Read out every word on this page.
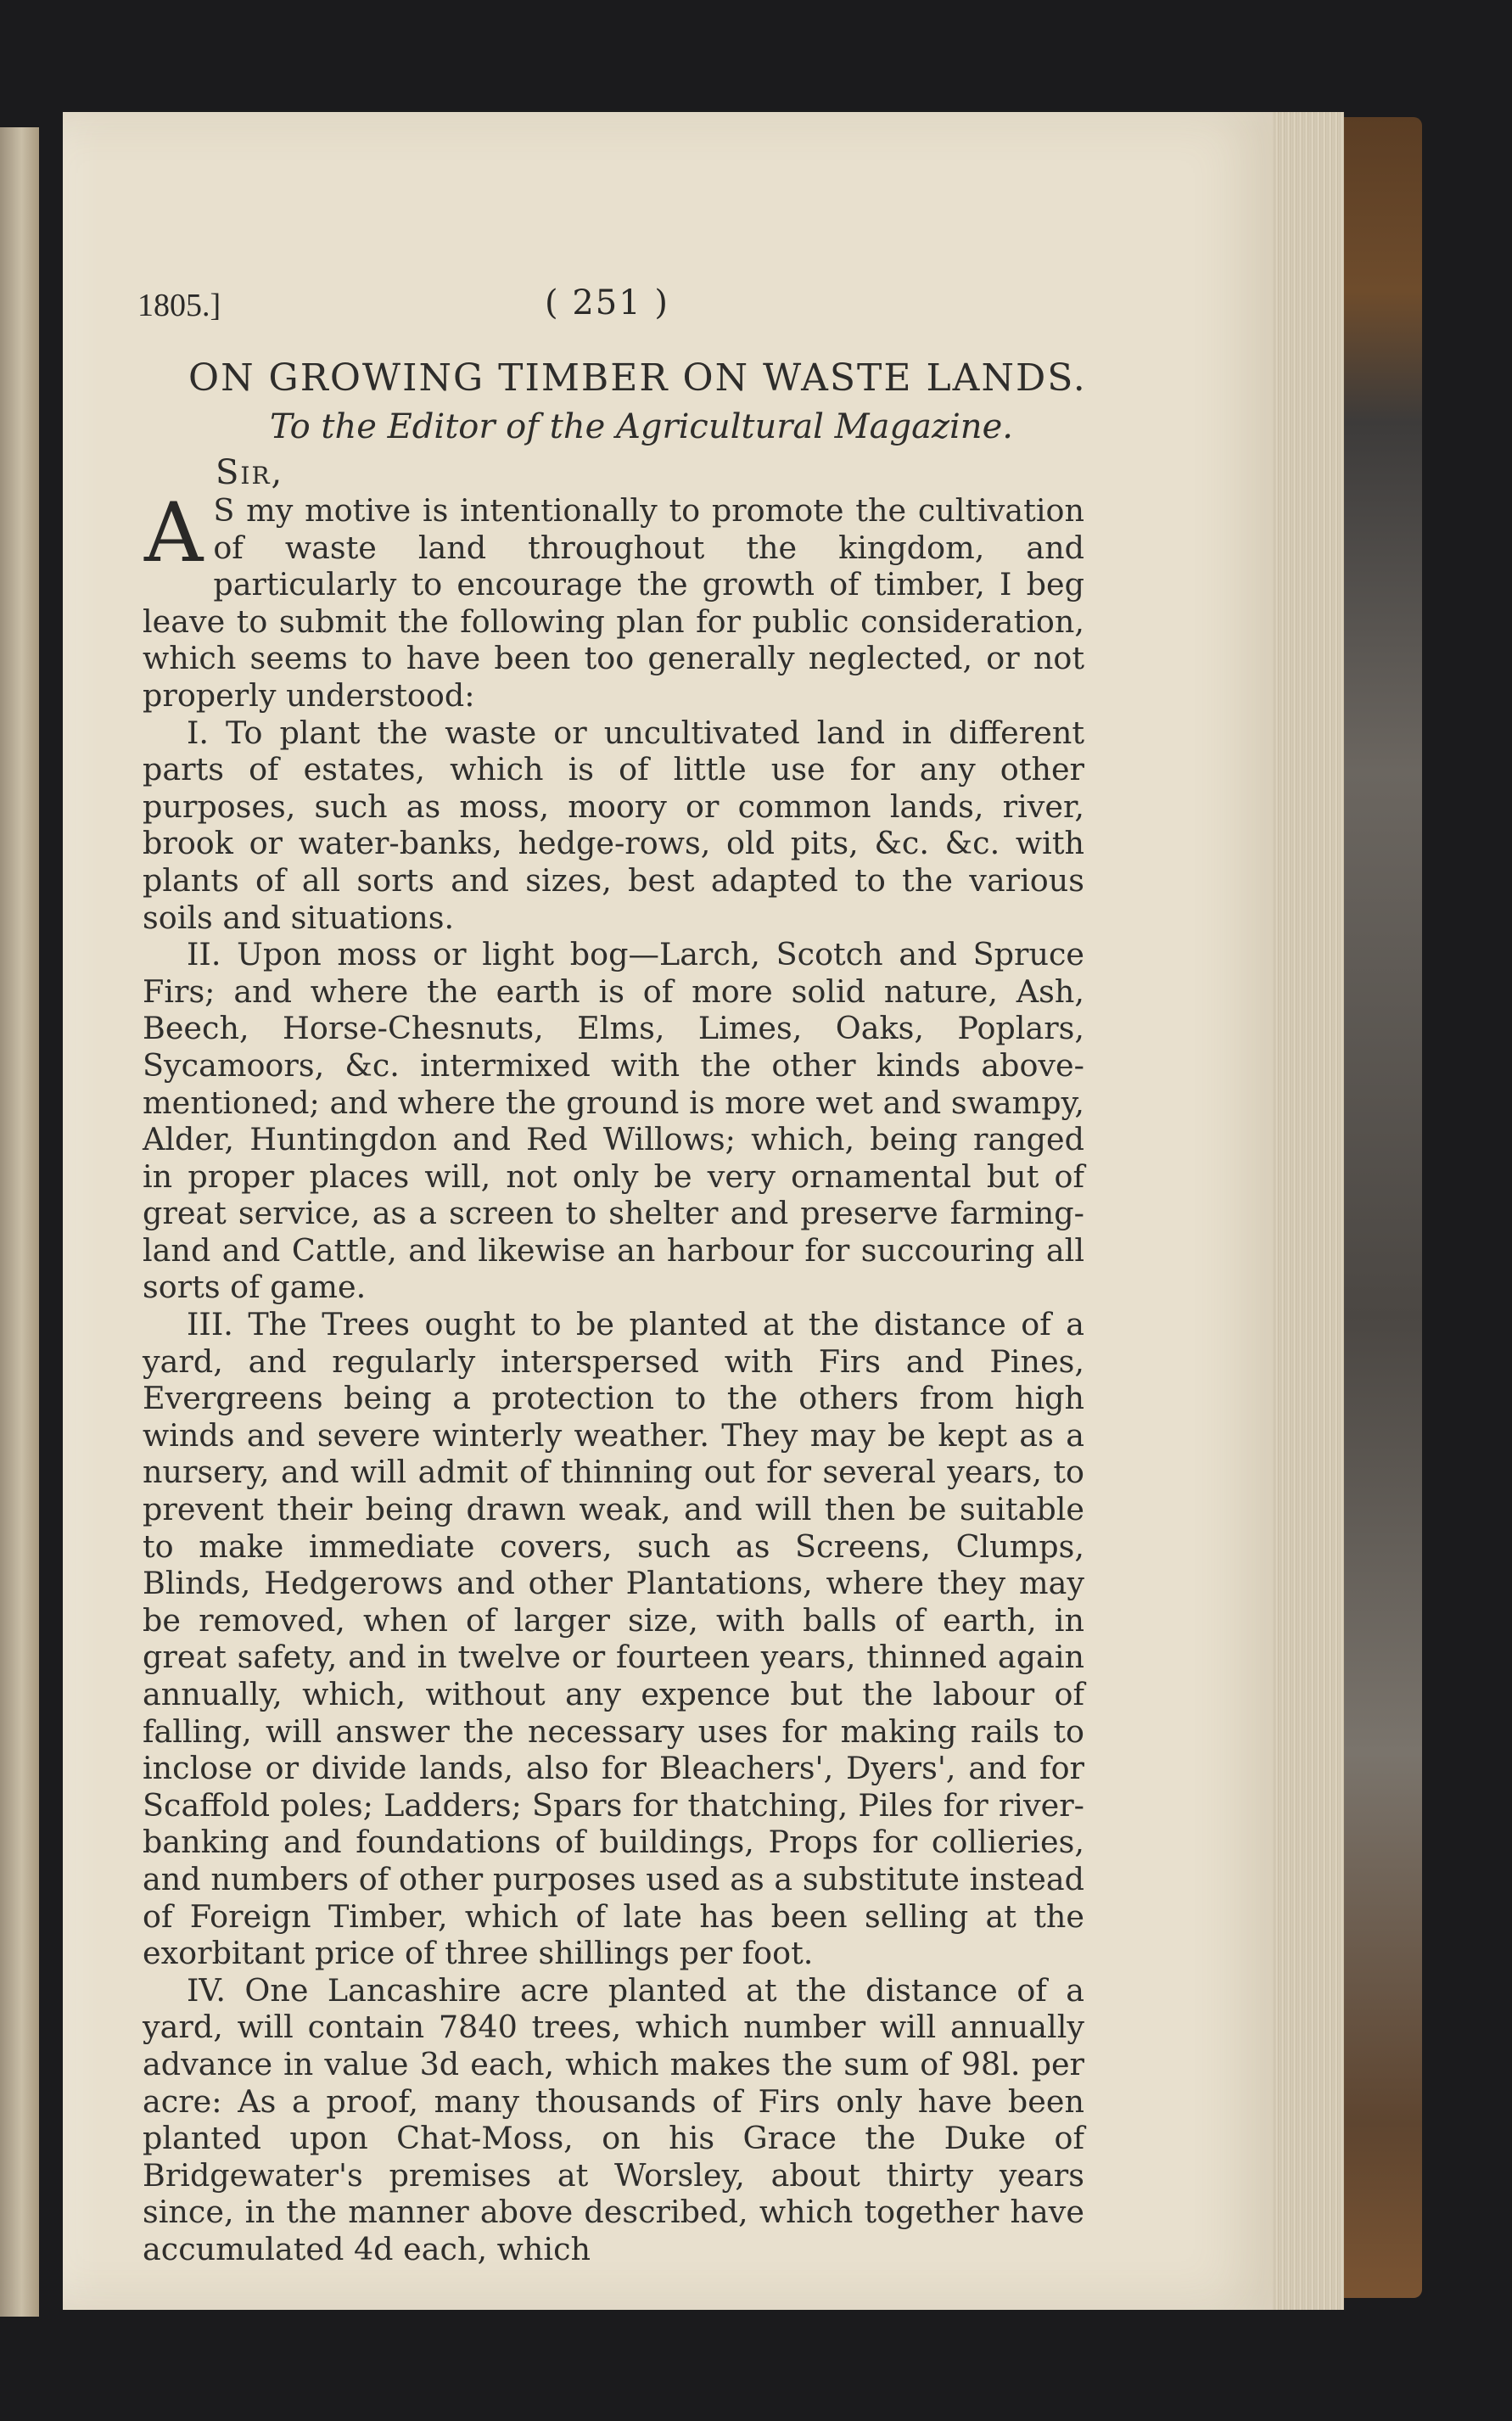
1805.]	( 251 )
ON GROWING TIMBER ON WASTE LANDS.
To the Editor of the Agricultural Magazine.
Sir,

A S my motive is intentionally to promote the cultivation of waste land throughout the kingdom, and particularly to encourage the growth of timber, I beg leave to submit the following plan for public consideration, which seems to have been too generally neglected, or not properly understood:

I. To plant the waste or uncultivated land in different parts of estates, which is of little use for any other purposes, such as moss, moory or common lands, river, brook or water-banks, hedge-rows, old pits, &c. &c. with plants of all sorts and sizes, best adapted to the various soils and situations.

II. Upon moss or light bog—Larch, Scotch and Spruce Firs; and where the earth is of more solid nature, Ash, Beech, Horse-Chesnuts, Elms, Limes, Oaks, Poplars, Sycamoors, &c. intermixed with the other kinds above-mentioned; and where the ground is more wet and swampy, Alder, Huntingdon and Red Willows; which, being ranged in proper places will, not only be very ornamental but of great service, as a screen to shelter and preserve farming-land and Cattle, and likewise an harbour for succouring all sorts of game.

III. The Trees ought to be planted at the distance of a yard, and regularly interspersed with Firs and Pines, Evergreens being a protection to the others from high winds and severe winterly weather. They may be kept as a nursery, and will admit of thinning out for several years, to prevent their being drawn weak, and will then be suitable to make immediate covers, such as Screens, Clumps, Blinds, Hedgerows and other Plantations, where they may be removed, when of larger size, with balls of earth, in great safety, and in twelve or fourteen years, thinned again annually, which, without any expence but the labour of falling, will answer the necessary uses for making rails to inclose or divide lands, also for Bleachers', Dyers', and for Scaffold poles; Ladders; Spars for thatching, Piles for river-banking and foundations of buildings, Props for collieries, and numbers of other purposes used as a substitute instead of Foreign Timber, which of late has been selling at the exorbitant price of three shillings per foot.

IV. One Lancashire acre planted at the distance of a yard, will contain 7840 trees, which number will annually advance in value 3d each, which makes the sum of 98l. per acre: As a proof, many thousands of Firs only have been planted upon Chat-Moss, on his Grace the Duke of Bridgewater's premises at Worsley, about thirty years since, in the manner above described, which together have accumulated 4d each, which
